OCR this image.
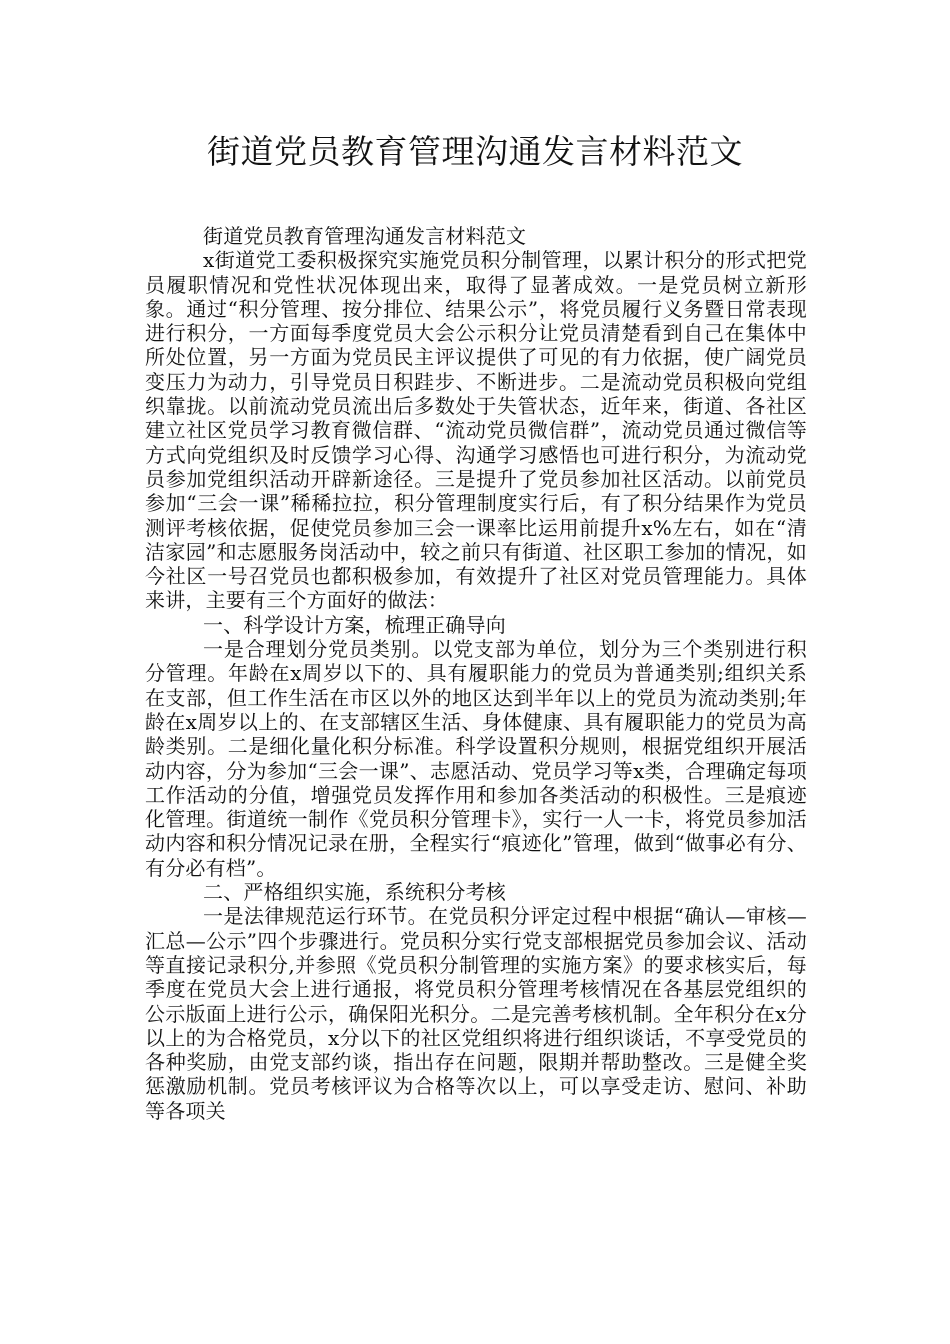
街道党员教育管理沟通发言材料范文

街道党员教育管理沟通发言材料范文

x街道党工委积极探究实施党员积分制管理，以累计积分的形式把党员履职情况和党性状况体现出来，取得了显著成效。一是党员树立新形象。通过“积分管理、按分排位、结果公示”，将党员履行义务暨日常表现进行积分，一方面每季度党员大会公示积分让党员清楚看到自己在集体中所处位置，另一方面为党员民主评议提供了可见的有力依据，使广阔党员变压力为动力，引导党员日积跬步、不断进步。二是流动党员积极向党组织靠拢。以前流动党员流出后多数处于失管状态，近年来，街道、各社区建立社区党员学习教育微信群、“流动党员微信群”，流动党员通过微信等方式向党组织及时反馈学习心得、沟通学习感悟也可进行积分，为流动党员参加党组织活动开辟新途径。三是提升了党员参加社区活动。以前党员参加“三会一课”稀稀拉拉，积分管理制度实行后，有了积分结果作为党员测评考核依据，促使党员参加三会一课率比运用前提升x%左右，如在“清洁家园”和志愿服务岗活动中，较之前只有街道、社区职工参加的情况，如今社区一号召党员也都积极参加，有效提升了社区对党员管理能力。具体来讲，主要有三个方面好的做法：

一、科学设计方案，梳理正确导向

一是合理划分党员类别。以党支部为单位，划分为三个类别进行积分管理。年龄在x周岁以下的、具有履职能力的党员为普通类别;组织关系在支部，但工作生活在市区以外的地区达到半年以上的党员为流动类别;年龄在x周岁以上的、在支部辖区生活、身体健康、具有履职能力的党员为高龄类别。二是细化量化积分标准。科学设置积分规则，根据党组织开展活动内容，分为参加“三会一课”、志愿活动、党员学习等x类，合理确定每项工作活动的分值，增强党员发挥作用和参加各类活动的积极性。三是痕迹化管理。街道统一制作《党员积分管理卡》，实行一人一卡，将党员参加活动内容和积分情况记录在册，全程实行“痕迹化”管理，做到“做事必有分、有分必有档”。

二、严格组织实施，系统积分考核

一是法律规范运行环节。在党员积分评定过程中根据“确认—审核—汇总—公示”四个步骤进行。党员积分实行党支部根据党员参加会议、活动等直接记录积分,并参照《党员积分制管理的实施方案》的要求核实后，每季度在党员大会上进行通报，将党员积分管理考核情况在各基层党组织的公示版面上进行公示，确保阳光积分。二是完善考核机制。全年积分在x分以上的为合格党员，x分以下的社区党组织将进行组织谈话，不享受党员的各种奖励，由党支部约谈，指出存在问题，限期并帮助整改。三是健全奖惩激励机制。党员考核评议为合格等次以上，可以享受走访、慰问、补助等各项关
